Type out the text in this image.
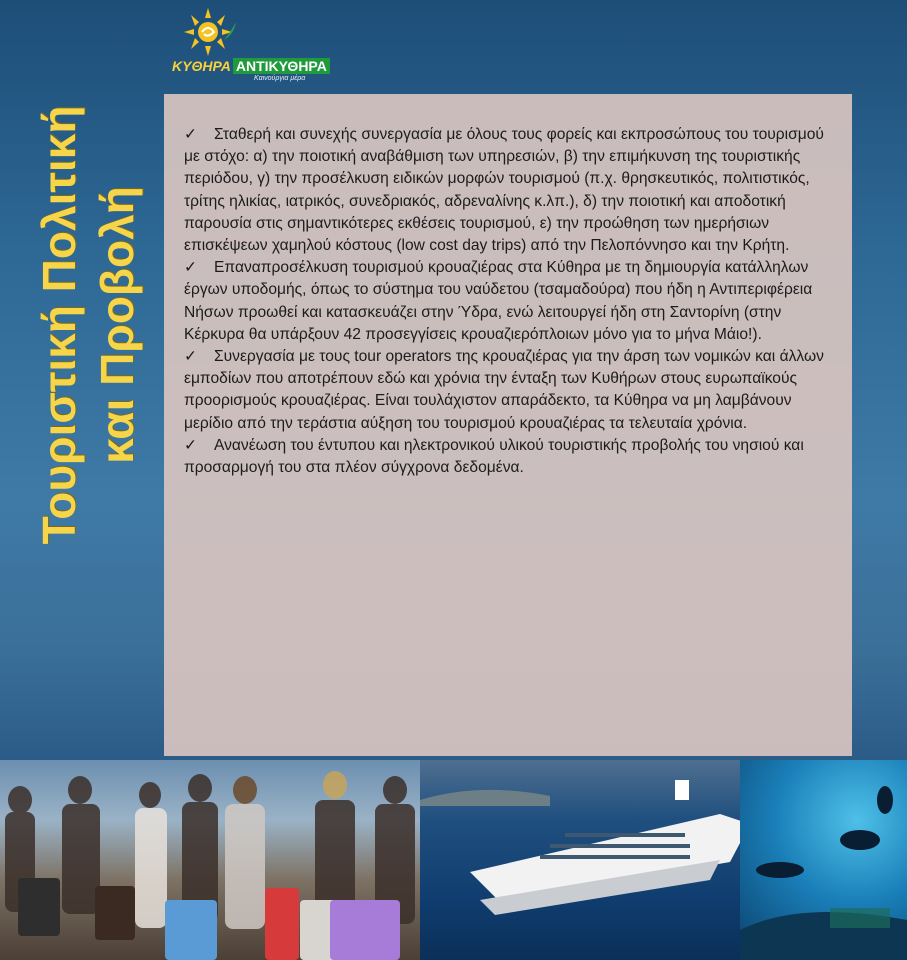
ΚΥΘΗΡΑ ΑΝΤΙΚΥΘΗΡΑ
Καινούργια μέρα
Τουριστική Πολιτική και Προβολή

✓ Σταθερή και συνεχής συνεργασία με όλους τους φορείς και εκπροσώπους του τουρισμού με στόχο: α) την ποιοτική αναβάθμιση των υπηρεσιών, β) την επιμήκυνση της τουριστικής περιόδου, γ) την προσέλκυση ειδικών μορφών τουρισμού (π.χ. θρησκευτικός, πολιτιστικός, τρίτης ηλικίας, ιατρικός, συνεδριακός, αδρεναλίνης κ.λπ.), δ) την ποιοτική και αποδοτική παρουσία στις σημαντικότερες εκθέσεις τουρισμού, ε) την προώθηση των ημερήσιων επισκέψεων χαμηλού κόστους (low cost day trips) από την Πελοπόννησο και την Κρήτη.

✓ Επαναπροσέλκυση τουρισμού κρουαζιέρας στα Κύθηρα με τη δημιουργία κατάλληλων έργων υποδομής, όπως το σύστημα του ναύδετου (τσαμαδούρα) που ήδη η Αντιπεριφέρεια Νήσων προωθεί και κατασκευάζει στην Ύδρα, ενώ λειτουργεί ήδη στη Σαντορίνη (στην Κέρκυρα θα υπάρξουν 42 προσεγγίσεις κρουαζιερόπλοιων μόνο για το μήνα Μάιο!).

✓ Συνεργασία με τους tour operators της κρουαζιέρας για την άρση των νομικών και άλλων εμποδίων που αποτρέπουν εδώ και χρόνια την ένταξη των Κυθήρων στους ευρωπαϊκούς προορισμούς κρουαζιέρας. Είναι τουλάχιστον απαράδεκτο, τα Κύθηρα να μη λαμβάνουν μερίδιο από την τεράστια αύξηση του τουρισμού κρουαζιέρας τα τελευταία χρόνια.

✓ Ανανέωση του έντυπου και ηλεκτρονικού υλικού τουριστικής προβολής του νησιού και προσαρμογή του στα πλέον σύγχρονα δεδομένα.
